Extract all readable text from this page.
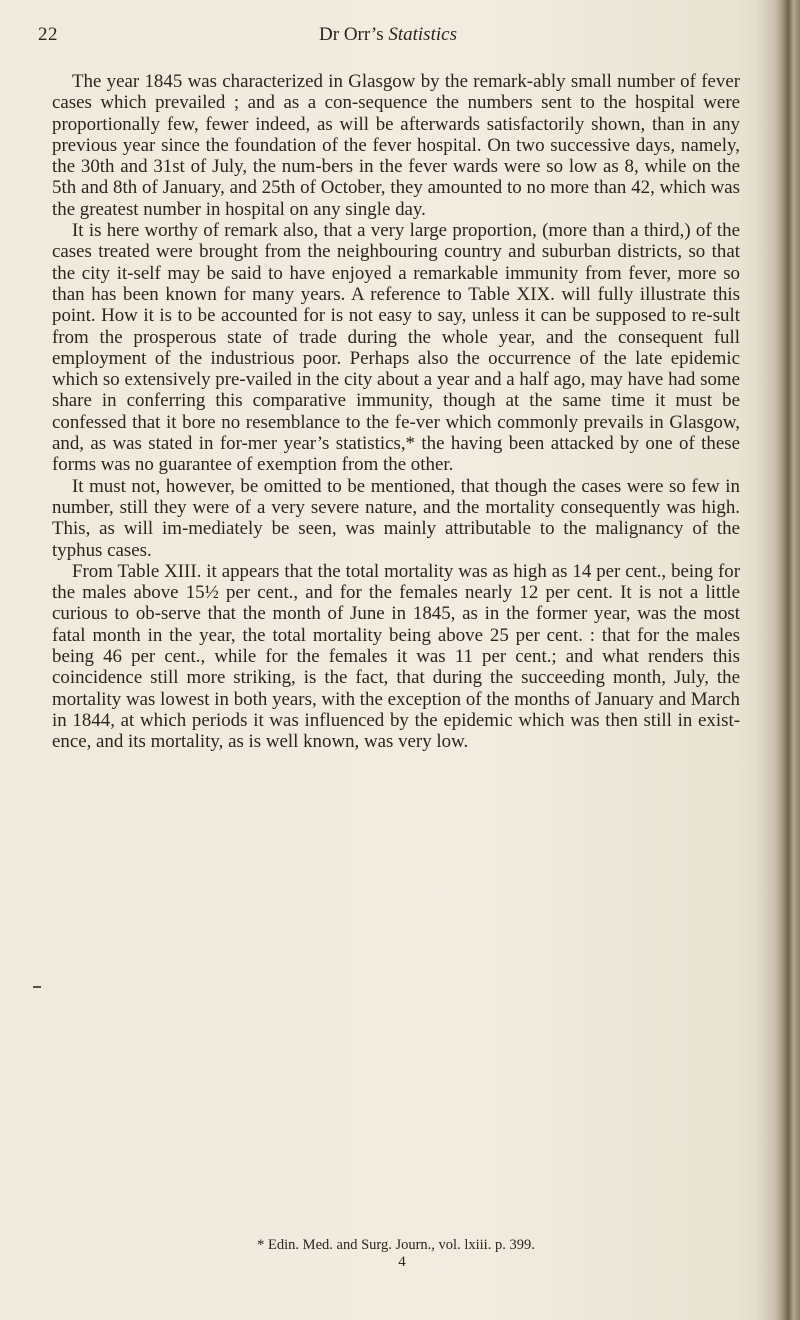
22	Dr Orr’s Statistics

The year 1845 was characterized in Glasgow by the remark-ably small number of fever cases which prevailed ; and as a con-sequence the numbers sent to the hospital were proportionally few, fewer indeed, as will be afterwards satisfactorily shown, than in any previous year since the foundation of the fever hospital. On two successive days, namely, the 30th and 31st of July, the num-bers in the fever wards were so low as 8, while on the 5th and 8th of January, and 25th of October, they amounted to no more than 42, which was the greatest number in hospital on any single day.

It is here worthy of remark also, that a very large proportion, (more than a third,) of the cases treated were brought from the neighbouring country and suburban districts, so that the city it-self may be said to have enjoyed a remarkable immunity from fever, more so than has been known for many years. A reference to Table XIX. will fully illustrate this point. How it is to be accounted for is not easy to say, unless it can be supposed to re-sult from the prosperous state of trade during the whole year, and the consequent full employment of the industrious poor. Perhaps also the occurrence of the late epidemic which so extensively pre-vailed in the city about a year and a half ago, may have had some share in conferring this comparative immunity, though at the same time it must be confessed that it bore no resemblance to the fe-ver which commonly prevails in Glasgow, and, as was stated in for-mer year’s statistics,* the having been attacked by one of these forms was no guarantee of exemption from the other.

It must not, however, be omitted to be mentioned, that though the cases were so few in number, still they were of a very severe nature, and the mortality consequently was high. This, as will im-mediately be seen, was mainly attributable to the malignancy of the typhus cases.

From Table XIII. it appears that the total mortality was as high as 14 per cent., being for the males above 15½ per cent., and for the females nearly 12 per cent. It is not a little curious to ob-serve that the month of June in 1845, as in the former year, was the most fatal month in the year, the total mortality being above 25 per cent. : that for the males being 46 per cent., while for the females it was 11 per cent.; and what renders this coincidence still more striking, is the fact, that during the succeeding month, July, the mortality was lowest in both years, with the exception of the months of January and March in 1844, at which periods it was influenced by the epidemic which was then still in exist-ence, and its mortality, as is well known, was very low.

* Edin. Med. and Surg. Journ., vol. lxiii. p. 399.
4
